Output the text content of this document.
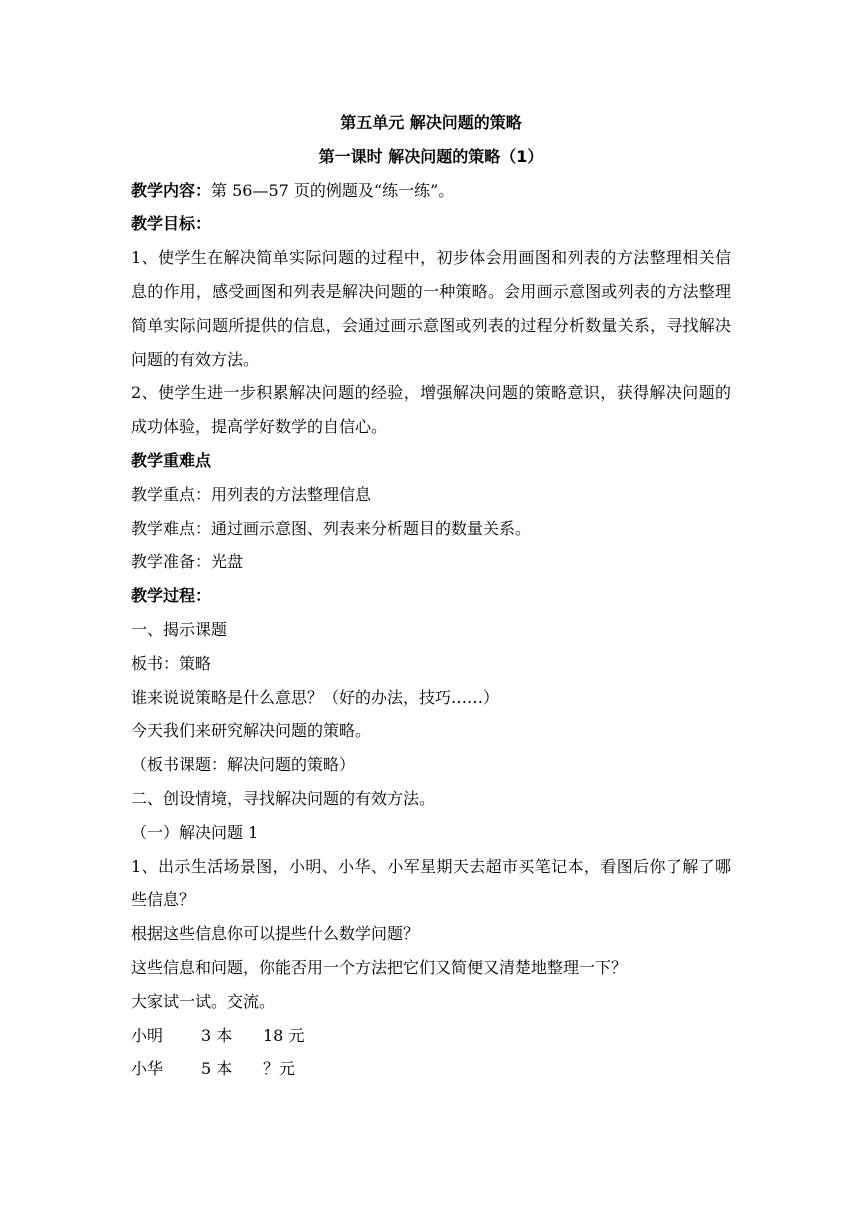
第五单元 解决问题的策略
第一课时 解决问题的策略（1）
教学内容：第 56—57 页的例题及“练一练”。
教学目标：
1、使学生在解决简单实际问题的过程中，初步体会用画图和列表的方法整理相关信息的作用，感受画图和列表是解决问题的一种策略。会用画示意图或列表的方法整理简单实际问题所提供的信息，会通过画示意图或列表的过程分析数量关系，寻找解决问题的有效方法。
2、使学生进一步积累解决问题的经验，增强解决问题的策略意识，获得解决问题的成功体验，提高学好数学的自信心。
教学重难点
教学重点：用列表的方法整理信息
教学难点：通过画示意图、列表来分析题目的数量关系。
教学准备：光盘
教学过程：
一、揭示课题
板书：策略
谁来说说策略是什么意思？（好的办法，技巧……）
今天我们来研究解决问题的策略。
（板书课题：解决问题的策略）
二、创设情境，寻找解决问题的有效方法。
（一）解决问题 1
1、出示生活场景图，小明、小华、小军星期天去超市买笔记本，看图后你了解了哪些信息？
根据这些信息你可以提些什么数学问题？
这些信息和问题，你能否用一个方法把它们又简便又清楚地整理一下？
大家试一试。交流。
小明	3 本	18 元
小华	5 本	？元
